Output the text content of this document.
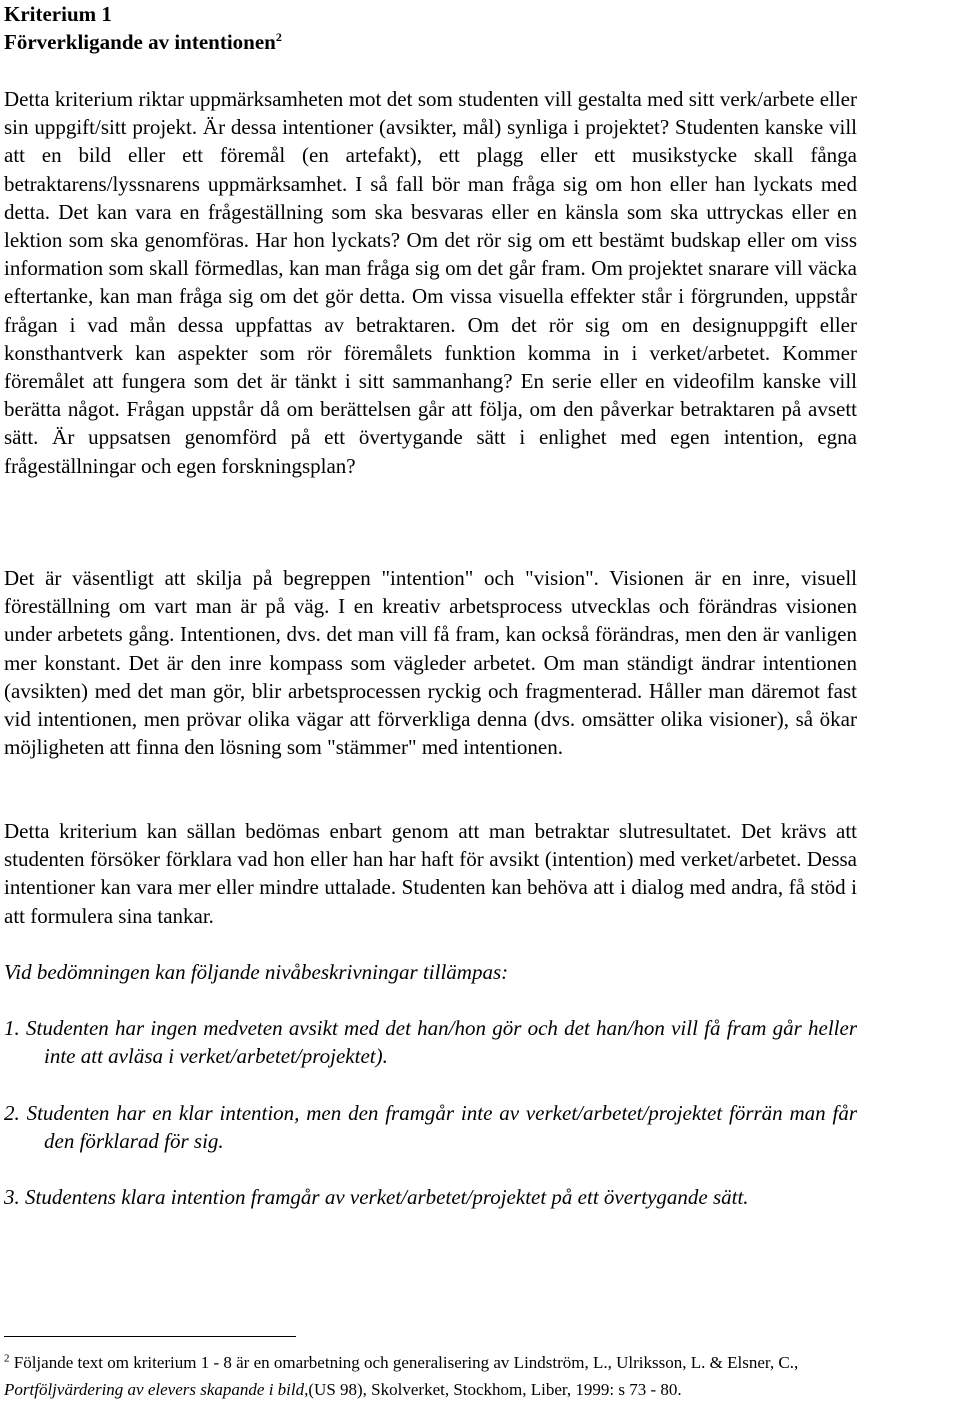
Kriterium 1
Förverkligande av intentionen$^2$

Detta kriterium riktar uppmärksamheten mot det som studenten vill gestalta med sitt verk/arbete eller sin uppgift/sitt projekt. Är dessa intentioner (avsikter, mål) synliga i projektet? Studenten kanske vill att en bild eller ett föremål (en artefakt), ett plagg eller ett musikstycke skall fånga betraktarens/lyssnarens uppmärksamhet. I så fall bör man fråga sig om hon eller han lyckats med detta. Det kan vara en frågeställning som ska besvaras eller en känsla som ska uttryckas eller en lektion som ska genomföras. Har hon lyckats? Om det rör sig om ett bestämt budskap eller om viss information som skall förmedlas, kan man fråga sig om det går fram. Om projektet snarare vill väcka eftertanke, kan man fråga sig om det gör detta. Om vissa visuella effekter står i förgrunden, uppstår frågan i vad mån dessa uppfattas av betraktaren. Om det rör sig om en designuppgift eller konsthantverk kan aspekter som rör föremålets funktion komma in i verket/arbetet. Kommer föremålet att fungera som det är tänkt i sitt sammanhang? En serie eller en videofilm kanske vill berätta något. Frågan uppstår då om berättelsen går att följa, om den påverkar betraktaren på avsett sätt. Är uppsatsen genomförd på ett övertygande sätt i enlighet med egen intention, egna frågeställningar och egen forskningsplan?

Det är väsentligt att skilja på begreppen "intention" och "vision". Visionen är en inre, visuell föreställning om vart man är på väg. I en kreativ arbetsprocess utvecklas och förändras visionen under arbetets gång. Intentionen, dvs. det man vill få fram, kan också förändras, men den är vanligen mer konstant. Det är den inre kompass som vägleder arbetet. Om man ständigt ändrar intentionen (avsikten) med det man gör, blir arbetsprocessen ryckig och fragmenterad. Håller man däremot fast vid intentionen, men prövar olika vägar att förverkliga denna (dvs. omsätter olika visioner), så ökar möjligheten att finna den lösning som "stämmer" med intentionen.

Detta kriterium kan sällan bedömas enbart genom att man betraktar slutresultatet. Det krävs att studenten försöker förklara vad hon eller han har haft för avsikt (intention) med verket/arbetet. Dessa intentioner kan vara mer eller mindre uttalade. Studenten kan behöva att i dialog med andra, få stöd i att formulera sina tankar.

Vid bedömningen kan följande nivåbeskrivningar tillämpas:

1. Studenten har ingen medveten avsikt med det han/hon gör och det han/hon vill få fram går heller inte att avläsa i verket/arbetet/projektet).

2. Studenten har en klar intention, men den framgår inte av verket/arbetet/projektet förrän man får den förklarad för sig.

3. Studentens klara intention framgår av verket/arbetet/projektet på ett övertygande sätt.

$^2$ Följande text om kriterium 1 - 8 är en omarbetning och generalisering av Lindström, L., Ulriksson, L. & Elsner, C.,

Portföljvärdering av elevers skapande i bild,(US 98), Skolverket, Stockhom, Liber, 1999: s 73 - 80.
